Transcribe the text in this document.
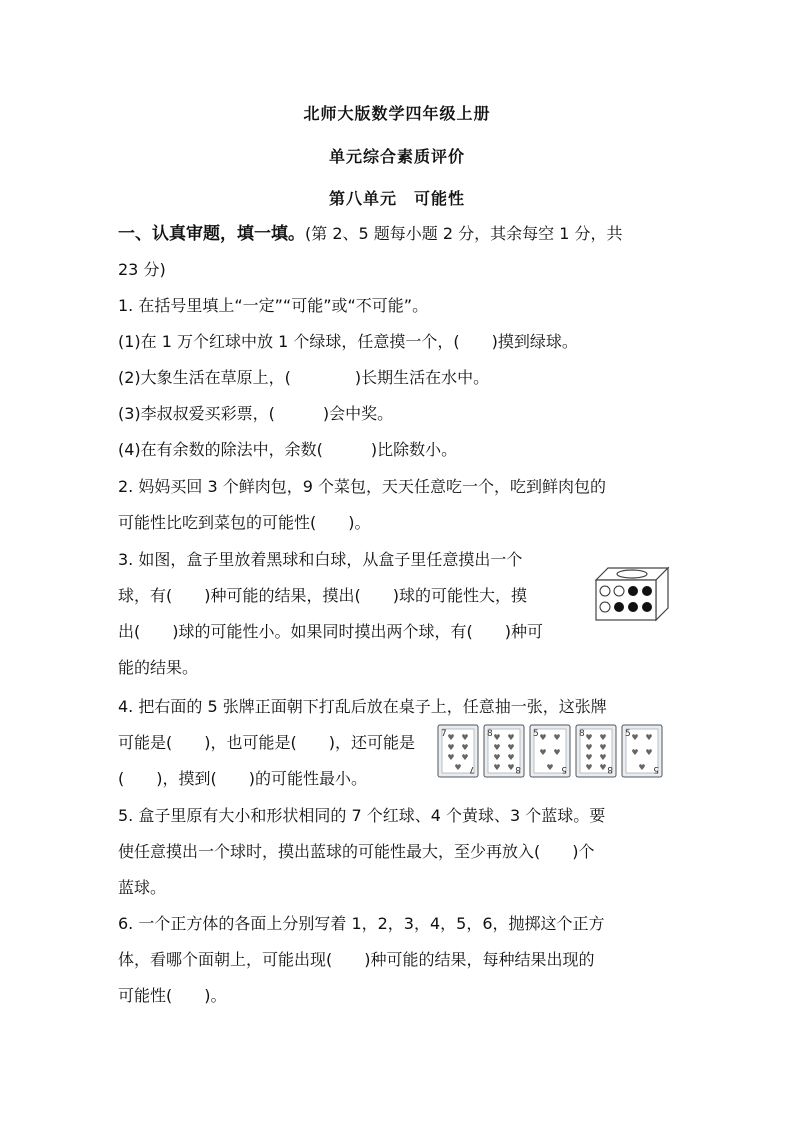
北师大版数学四年级上册
单元综合素质评价
第八单元　可能性
一、认真审题，填一填。(第 2、5 题每小题 2 分，其余每空 1 分，共
23 分)
1. 在括号里填上“一定”“可能”或“不可能”。
(1)在 1 万个红球中放 1 个绿球，任意摸一个，(　　)摸到绿球。
(2)大象生活在草原上，(　　　　)长期生活在水中。
(3)李叔叔爱买彩票，(　　　)会中奖。
(4)在有余数的除法中，余数(　　　)比除数小。
2. 妈妈买回 3 个鲜肉包，9 个菜包，天天任意吃一个，吃到鲜肉包的
可能性比吃到菜包的可能性(　　)。
3. 如图，盒子里放着黑球和白球，从盒子里任意摸出一个
球，有(　　)种可能的结果，摸出(　　)球的可能性大，摸
出(　　)球的可能性小。如果同时摸出两个球，有(　　)种可
能的结果。
4. 把右面的 5 张牌正面朝下打乱后放在桌子上，任意抽一张，这张牌
可能是(　　)，也可能是(　　)，还可能是
(　　)，摸到(　　)的可能性最小。
7
7
♥ ♥
♥ ♥
♥ ♥
♥
8
8
♥ ♥
♥ ♥
♥ ♥
♥ ♥
5
5
♥ ♥
♥ ♥
♥
8
8
♥ ♥
♥ ♥
♥ ♥
♥ ♥
5
5
♥ ♥
♥ ♥
♥
5. 盒子里原有大小和形状相同的 7 个红球、4 个黄球、3 个蓝球。要
使任意摸出一个球时，摸出蓝球的可能性最大，至少再放入(　　)个
蓝球。
6. 一个正方体的各面上分别写着 1，2，3，4，5，6，抛掷这个正方
体，看哪个面朝上，可能出现(　　)种可能的结果，每种结果出现的
可能性(　　)。
